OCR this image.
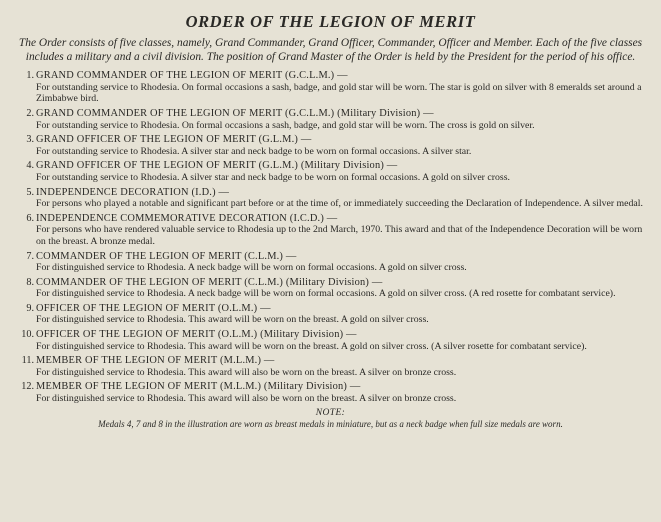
ORDER OF THE LEGION OF MERIT

The Order consists of five classes, namely, Grand Commander, Grand Officer, Commander, Officer and Member. Each of the five classes includes a military and a civil division. The position of Grand Master of the Order is held by the President for the period of his office.

1. GRAND COMMANDER OF THE LEGION OF MERIT (G.C.L.M.) —
For outstanding service to Rhodesia. On formal occasions a sash, badge, and gold star will be worn. The star is gold on silver with 8 emeralds set around a Zimbabwe bird.
2. GRAND COMMANDER OF THE LEGION OF MERIT (G.C.L.M.) (Military Division) —
For outstanding service to Rhodesia. On formal occasions a sash, badge, and gold star will be worn. The cross is gold on silver.
3. GRAND OFFICER OF THE LEGION OF MERIT (G.L.M.) —
For outstanding service to Rhodesia. A silver star and neck badge to be worn on formal occasions. A silver star.
4. GRAND OFFICER OF THE LEGION OF MERIT (G.L.M.) (Military Division) —
For outstanding service to Rhodesia. A silver star and neck badge to be worn on formal occasions. A gold on silver cross.
5. INDEPENDENCE DECORATION (I.D.) —
For persons who played a notable and significant part before or at the time of, or immediately succeeding the Declaration of Independence. A silver medal.
6. INDEPENDENCE COMMEMORATIVE DECORATION (I.C.D.) —
For persons who have rendered valuable service to Rhodesia up to the 2nd March, 1970. This award and that of the Independence Decoration will be worn on the breast. A bronze medal.
7. COMMANDER OF THE LEGION OF MERIT (C.L.M.) —
For distinguished service to Rhodesia. A neck badge will be worn on formal occasions. A gold on silver cross.
8. COMMANDER OF THE LEGION OF MERIT (C.L.M.) (Military Division) —
For distinguished service to Rhodesia. A neck badge will be worn on formal occasions. A gold on silver cross. (A red rosette for combatant service).
9. OFFICER OF THE LEGION OF MERIT (O.L.M.) —
For distinguished service to Rhodesia. This award will be worn on the breast. A gold on silver cross.
10. OFFICER OF THE LEGION OF MERIT (O.L.M.) (Military Division) —
For distinguished service to Rhodesia. This award will be worn on the breast. A gold on silver cross. (A silver rosette for combatant service).
11. MEMBER OF THE LEGION OF MERIT (M.L.M.) —
For distinguished service to Rhodesia. This award will also be worn on the breast. A silver on bronze cross.
12. MEMBER OF THE LEGION OF MERIT (M.L.M.) (Military Division) —
For distinguished service to Rhodesia. This award will also be worn on the breast. A silver on bronze cross.
NOTE:
Medals 4, 7 and 8 in the illustration are worn as breast medals in miniature, but as a neck badge when full size medals are worn.
